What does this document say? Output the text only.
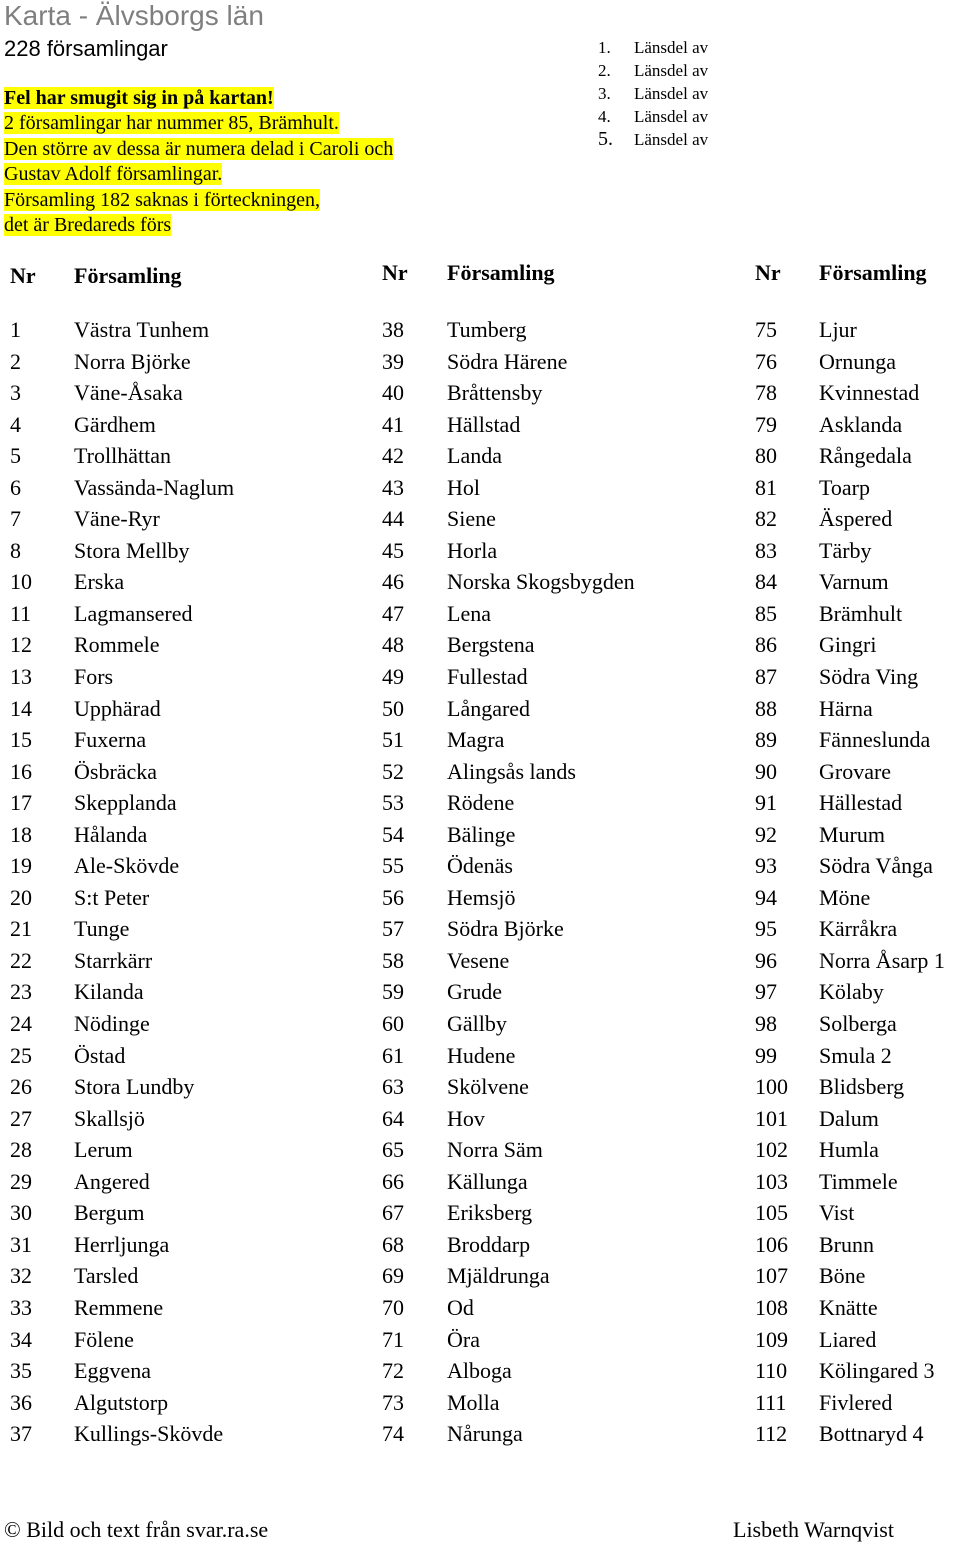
Karta - Älvsborgs län
228 församlingar
Fel har smugit sig in på kartan!
2 församlingar har nummer 85, Brämhult.
Den större av dessa är numera delad i Caroli och
Gustav Adolf församlingar.
Församling 182 saknas i förteckningen,
det är Bredareds förs
1. Länsdel av
2. Länsdel av
3. Länsdel av
4. Länsdel av
5. Länsdel av
Nr Församling	Nr Församling	Nr Församling
1 Västra Tunhem
2 Norra Björke
3 Väne-Åsaka
4 Gärdhem
5 Trollhättan
6 Vassända-Naglum
7 Väne-Ryr
8 Stora Mellby
10 Erska
11 Lagmansered
12 Rommele
13 Fors
14 Upphärad
15 Fuxerna
16 Ösbräcka
17 Skepplanda
18 Hålanda
19 Ale-Skövde
20 S:t Peter
21 Tunge
22 Starrkärr
23 Kilanda
24 Nödinge
25 Östad
26 Stora Lundby
27 Skallsjö
28 Lerum
29 Angered
30 Bergum
31 Herrljunga
32 Tarsled
33 Remmene
34 Fölene
35 Eggvena
36 Algutstorp
37 Kullings-Skövde
38 Tumberg
39 Södra Härene
40 Bråttensby
41 Hällstad
42 Landa
43 Hol
44 Siene
45 Horla
46 Norska Skogsbygden
47 Lena
48 Bergstena
49 Fullestad
50 Långared
51 Magra
52 Alingsås lands
53 Rödene
54 Bälinge
55 Ödenäs
56 Hemsjö
57 Södra Björke
58 Vesene
59 Grude
60 Gällby
61 Hudene
63 Skölvene
64 Hov
65 Norra Säm
66 Källunga
67 Eriksberg
68 Broddarp
69 Mjäldrunga
70 Od
71 Öra
72 Alboga
73 Molla
74 Nårunga
75 Ljur
76 Ornunga
78 Kvinnestad
79 Asklanda
80 Rångedala
81 Toarp
82 Äspered
83 Tärby
84 Varnum
85 Brämhult
86 Gingri
87 Södra Ving
88 Härna
89 Fänneslunda
90 Grovare
91 Hällestad
92 Murum
93 Södra Vånga
94 Möne
95 Kärråkra
96 Norra Åsarp 1
97 Kölaby
98 Solberga
99 Smula 2
100 Blidsberg
101 Dalum
102 Humla
103 Timmele
105 Vist
106 Brunn
107 Böne
108 Knätte
109 Liared
110 Kölingared 3
111 Fivlered
112 Bottnaryd 4
© Bild och text från svar.ra.se	Lisbeth Warnqvist
